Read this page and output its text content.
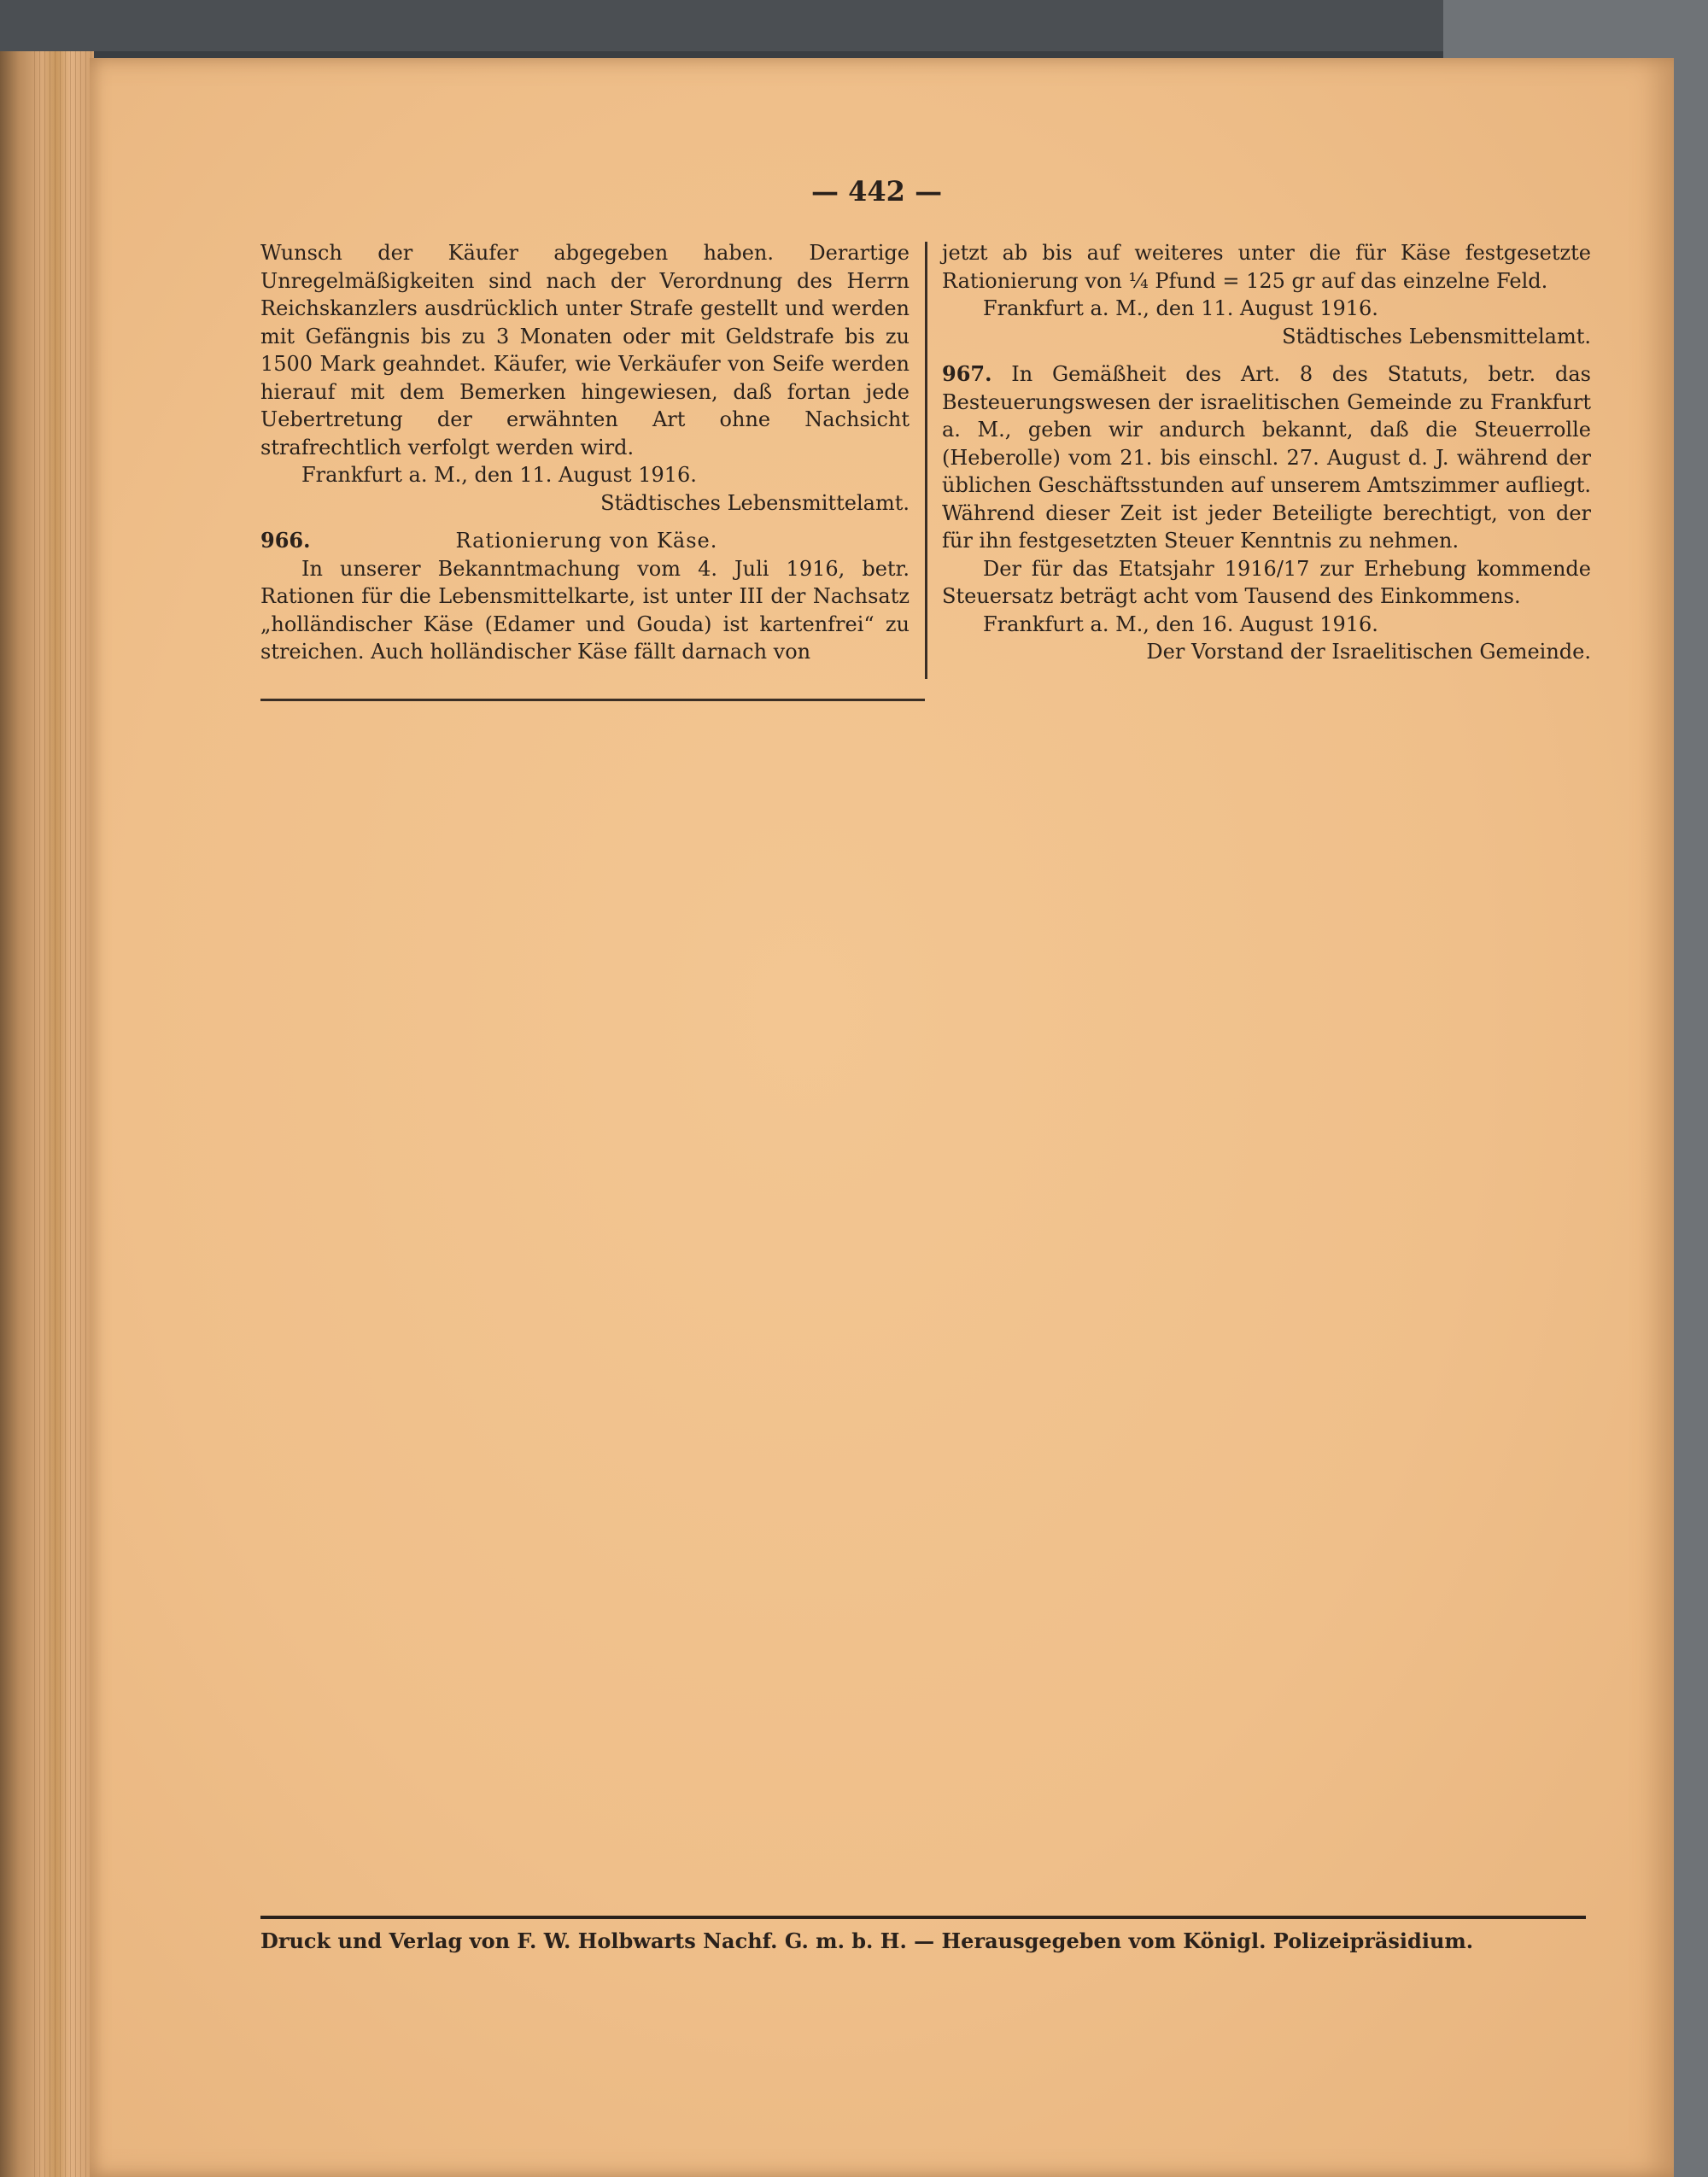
— 442 —

Wunsch der Käufer abgegeben haben. Derartige Unregelmäßigkeiten sind nach der Verordnung des Herrn Reichskanzlers ausdrücklich unter Strafe gestellt und werden mit Gefängnis bis zu 3 Monaten oder mit Geldstrafe bis zu 1500 Mark geahndet. Käufer, wie Verkäufer von Seife werden hierauf mit dem Bemerken hingewiesen, daß fortan jede Uebertretung der erwähnten Art ohne Nachsicht strafrechtlich verfolgt werden wird.

Frankfurt a. M., den 11. August 1916.

Städtisches Lebensmittelamt.

966.	Rationierung von Käse.

In unserer Bekanntmachung vom 4. Juli 1916, betr. Rationen für die Lebensmittelkarte, ist unter III der Nachsatz „holländischer Käse (Edamer und Gouda) ist kartenfrei“ zu streichen. Auch holländischer Käse fällt darnach von

jetzt ab bis auf weiteres unter die für Käse festgesetzte Rationierung von ¼ Pfund = 125 gr auf das einzelne Feld.

Frankfurt a. M., den 11. August 1916.

Städtisches Lebensmittelamt.

967. In Gemäßheit des Art. 8 des Statuts, betr. das Besteuerungswesen der israelitischen Gemeinde zu Frankfurt a. M., geben wir andurch bekannt, daß die Steuerrolle (Heberolle) vom 21. bis einschl. 27. August d. J. während der üblichen Geschäftsstunden auf unserem Amtszimmer aufliegt. Während dieser Zeit ist jeder Beteiligte berechtigt, von der für ihn festgesetzten Steuer Kenntnis zu nehmen.

Der für das Etatsjahr 1916/17 zur Erhebung kommende Steuersatz beträgt acht vom Tausend des Einkommens.

Frankfurt a. M., den 16. August 1916.

Der Vorstand der Israelitischen Gemeinde.

Druck und Verlag von F. W. Holbwarts Nachf. G. m. b. H. — Herausgegeben vom Königl. Polizeipräsidium.
